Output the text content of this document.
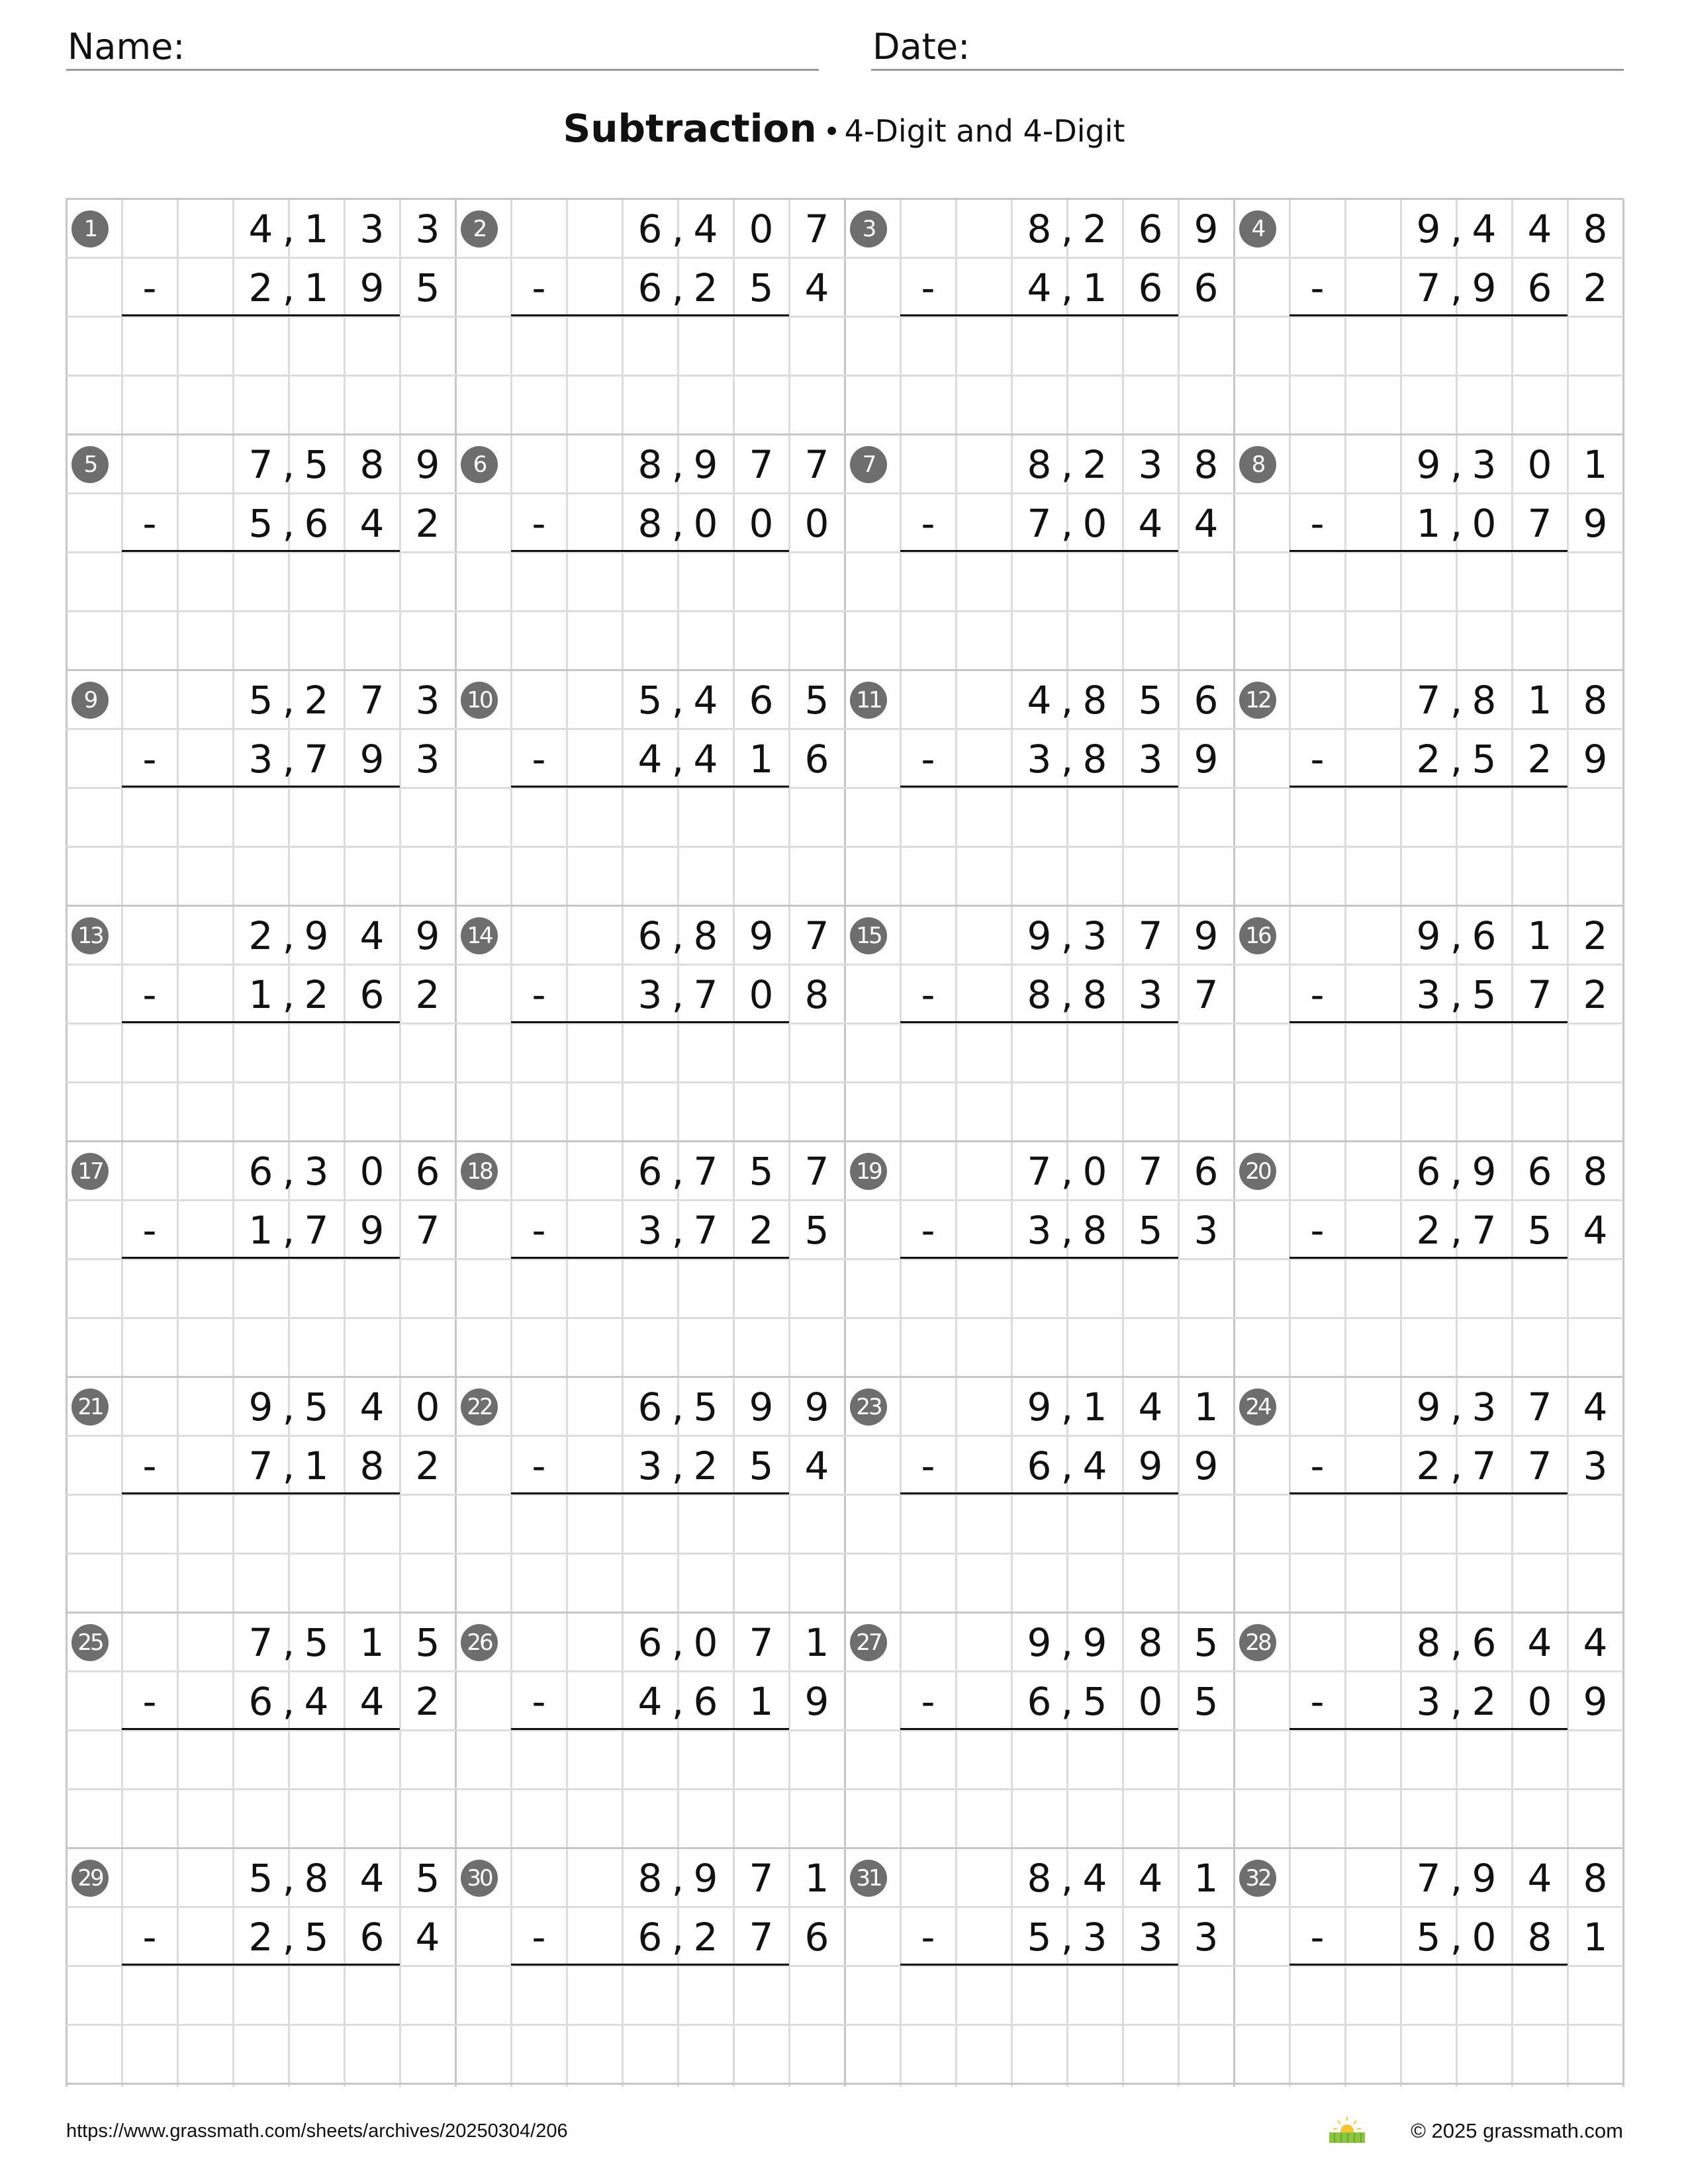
Name:	Date:
Subtraction • 4-Digit and 4-Digit
1	4 1 3 3
,
2 1 9 5
,
-
2	6 4 0 7
,
6 2 5 4
,
-
3	8 2 6 9
,
4 1 6 6
,
-
4	9 4 4 8
,
7 9 6 2
,
-
5	7 5 8 9
,
5 6 4 2
,
-
6	8 9 7 7
,
8 0 0 0
,
-
7	8 2 3 8
,
7 0 4 4
,
-
8	9 3 0 1
,
1 0 7 9
,
-
9	5 2 7 3
,
3 7 9 3
,
-
10	5 4 6 5
,
4 4 1 6
,
-
11	4 8 5 6
,
3 8 3 9
,
-
12	7 8 1 8
,
2 5 2 9
,
-
13	2 9 4 9
,
1 2 6 2
,
-
14	6 8 9 7
,
3 7 0 8
,
-
15	9 3 7 9
,
8 8 3 7
,
-
16	9 6 1 2
,
3 5 7 2
,
-
17	6 3 0 6
,
1 7 9 7
,
-
18	6 7 5 7
,
3 7 2 5
,
-
19	7 0 7 6
,
3 8 5 3
,
-
20	6 9 6 8
,
2 7 5 4
,
-
21	9 5 4 0
,
7 1 8 2
,
-
22	6 5 9 9
,
3 2 5 4
,
-
23	9 1 4 1
,
6 4 9 9
,
-
24	9 3 7 4
,
2 7 7 3
,
-
25	7 5 1 5
,
6 4 4 2
,
-
26	6 0 7 1
,
4 6 1 9
,
-
27	9 9 8 5
,
6 5 0 5
,
-
28	8 6 4 4
,
3 2 0 9
,
-
29	5 8 4 5
,
2 5 6 4
,
-
30	8 9 7 1
,
6 2 7 6
,
-
31	8 4 4 1
,
5 3 3 3
,
-
32	7 9 4 8
,
5 0 8 1
,
-
https://www.grassmath.com/sheets/archives/20250304/206	© 2025 grassmath.com
